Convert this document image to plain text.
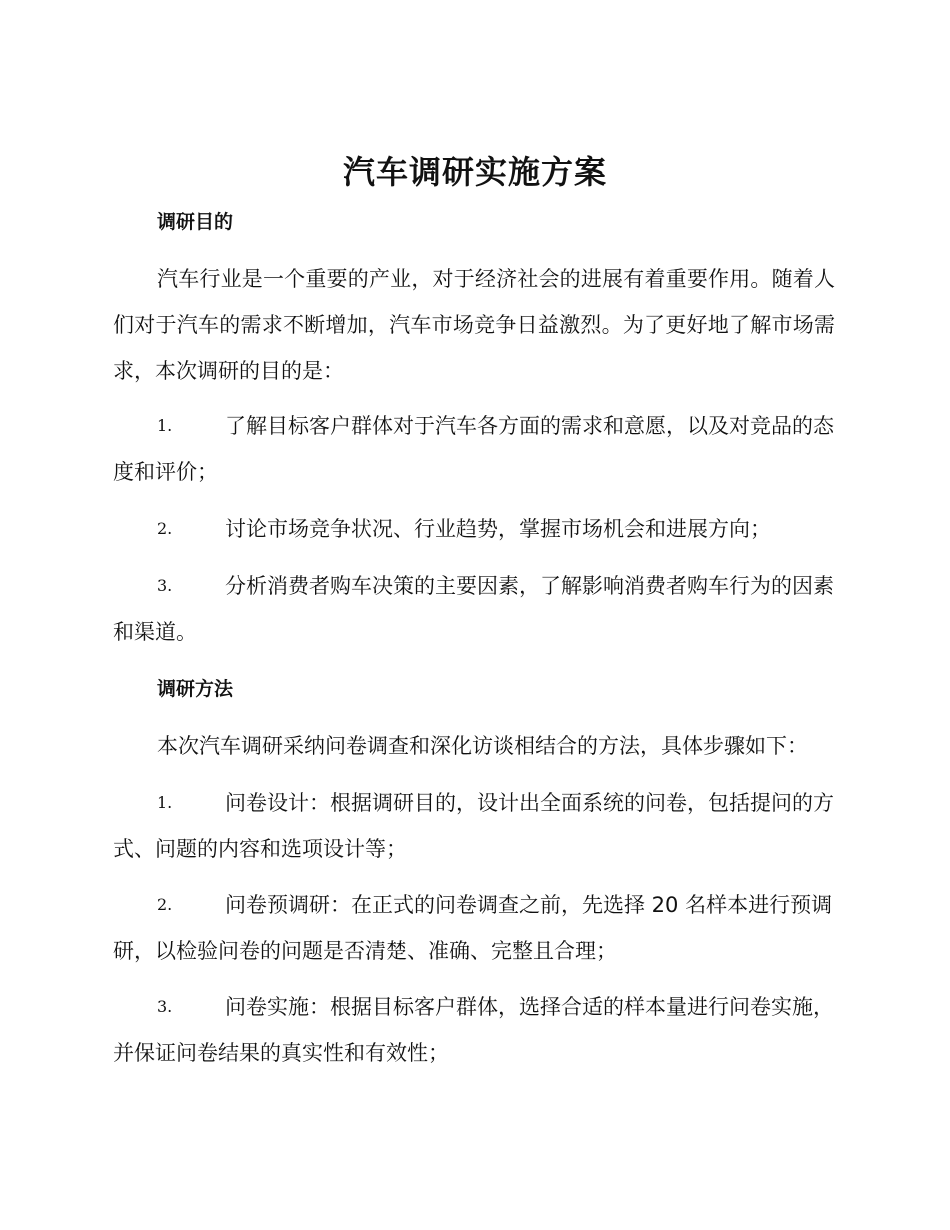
汽车调研实施方案
调研目的
汽车行业是一个重要的产业，对于经济社会的进展有着重要作用。随着人们对于汽车的需求不断增加，汽车市场竞争日益激烈。为了更好地了解市场需求，本次调研的目的是：
1.	了解目标客户群体对于汽车各方面的需求和意愿，以及对竞品的态度和评价；
2.	讨论市场竞争状况、行业趋势，掌握市场机会和进展方向；
3.	分析消费者购车决策的主要因素，了解影响消费者购车行为的因素和渠道。
调研方法
本次汽车调研采纳问卷调查和深化访谈相结合的方法，具体步骤如下：
1.	问卷设计：根据调研目的，设计出全面系统的问卷，包括提问的方式、问题的内容和选项设计等；
2.	问卷预调研：在正式的问卷调查之前，先选择 20 名样本进行预调研，以检验问卷的问题是否清楚、准确、完整且合理；
3.	问卷实施：根据目标客户群体，选择合适的样本量进行问卷实施，并保证问卷结果的真实性和有效性；
